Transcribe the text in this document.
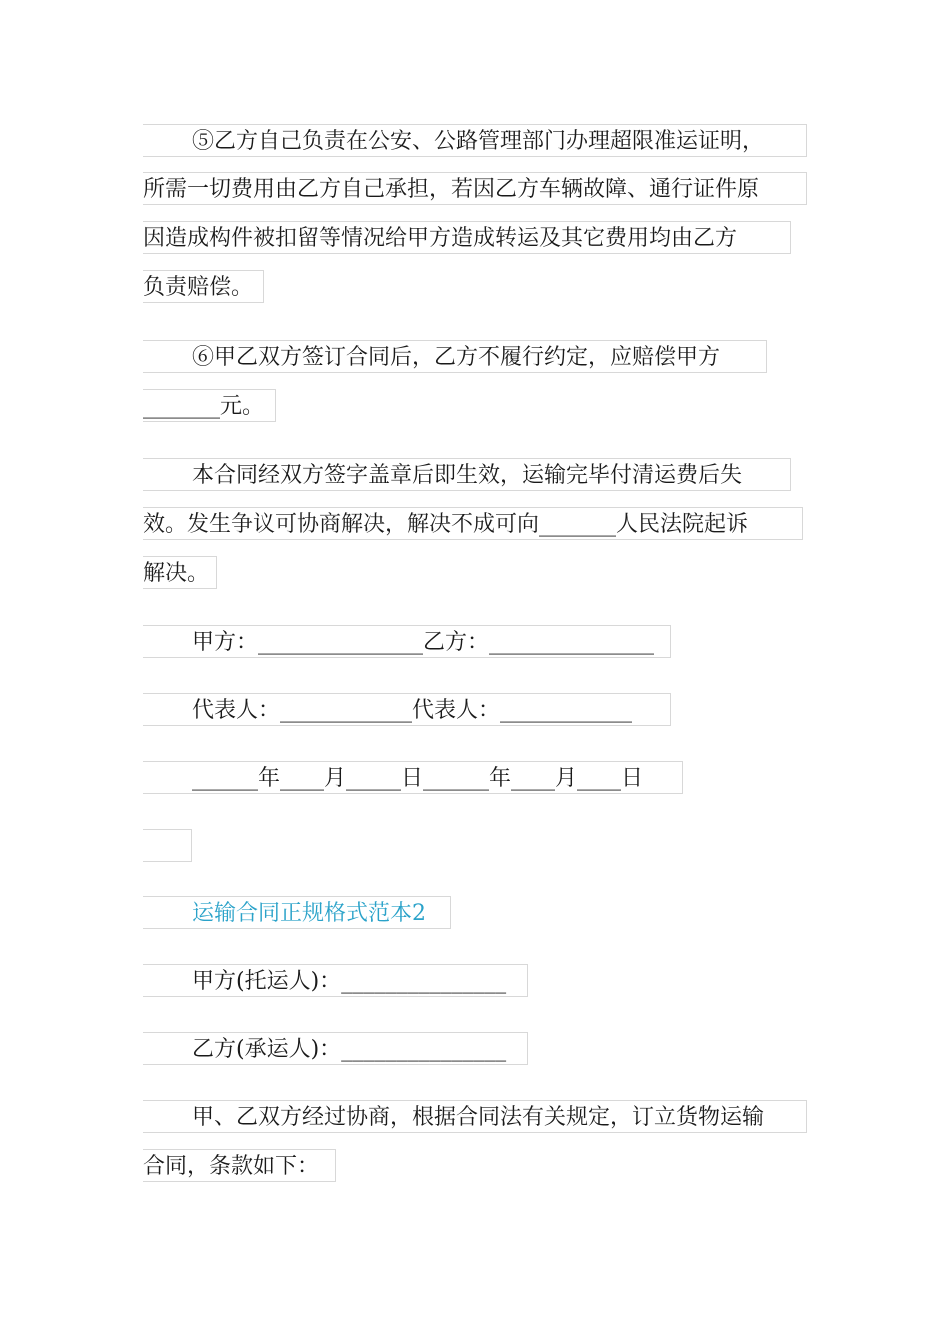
⑤乙方自己负责在公安、公路管理部门办理超限准运证明，
所需一切费用由乙方自己承担，若因乙方车辆故障、通行证件原
因造成构件被扣留等情况给甲方造成转运及其它费用均由乙方
负责赔偿。
⑥甲乙双方签订合同后，乙方不履行约定，应赔偿甲方
_______元。
本合同经双方签字盖章后即生效，运输完毕付清运费后失
效。发生争议可协商解决，解决不成可向_______人民法院起诉
解决。
甲方：_______________乙方：_______________
代表人：____________代表人：____________
______年____月_____日______年____月____日
运输合同正规格式范本2
甲方(托运人)：_______________
乙方(承运人)：_______________
甲、乙双方经过协商，根据合同法有关规定，订立货物运输
合同，条款如下：
